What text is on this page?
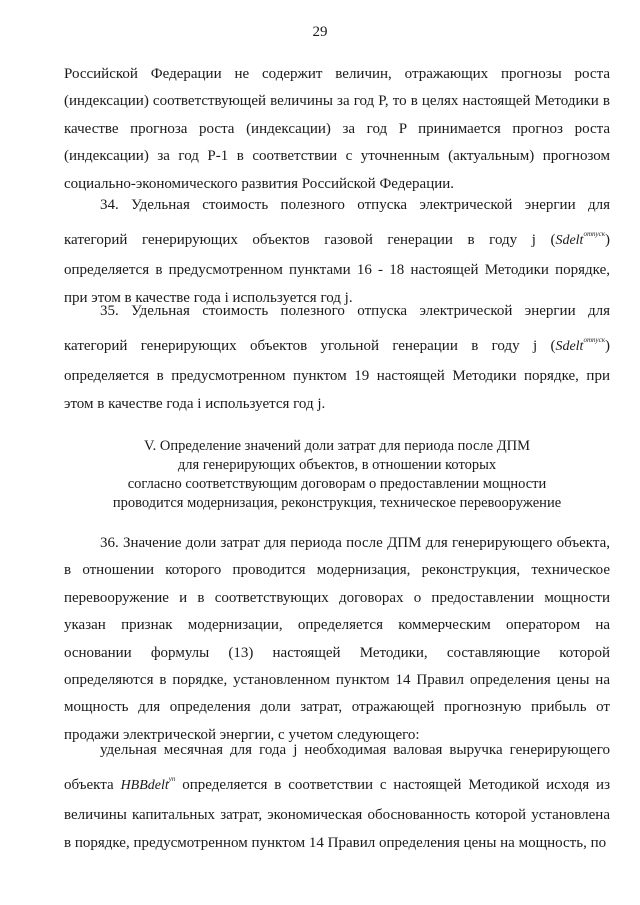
29

Российской Федерации не содержит величин, отражающих прогнозы роста (индексации) соответствующей величины за год P, то в целях настоящей Методики в качестве прогноза роста (индексации) за год P принимается прогноз роста (индексации) за год P-1 в соответствии с уточненным (актуальным) прогнозом социально-экономического развития Российской Федерации.

34. Удельная стоимость полезного отпуска электрической энергии для категорий генерирующих объектов газовой генерации в году j (Sdelt$^{отпуск}$) определяется в предусмотренном пунктами 16 - 18 настоящей Методики порядке, при этом в качестве года i используется год j.

35. Удельная стоимость полезного отпуска электрической энергии для категорий генерирующих объектов угольной генерации в году j (Sdelt$^{отпуск}$) определяется в предусмотренном пунктом 19 настоящей Методики порядке, при этом в качестве года i используется год j.

V. Определение значений доли затрат для периода после ДПМ
для генерирующих объектов, в отношении которых
согласно соответствующим договорам о предоставлении мощности
проводится модернизация, реконструкция, техническое перевооружение

36. Значение доли затрат для периода после ДПМ для генерирующего объекта, в отношении которого проводится модернизация, реконструкция, техническое перевооружение и в соответствующих договорах о предоставлении мощности указан признак модернизации, определяется коммерческим оператором на основании формулы (13) настоящей Методики, составляющие которой определяются в порядке, установленном пунктом 14 Правил определения цены на мощность для определения доли затрат, отражающей прогнозную прибыль от продажи электрической энергии, с учетом следующего:

удельная месячная для года j необходимая валовая выручка генерирующего объекта HBBdelt$^{уп}$ определяется в соответствии с настоящей Методикой исходя из величины капитальных затрат, экономическая обоснованность которой установлена в порядке, предусмотренном пунктом 14 Правил определения цены на мощность, по
